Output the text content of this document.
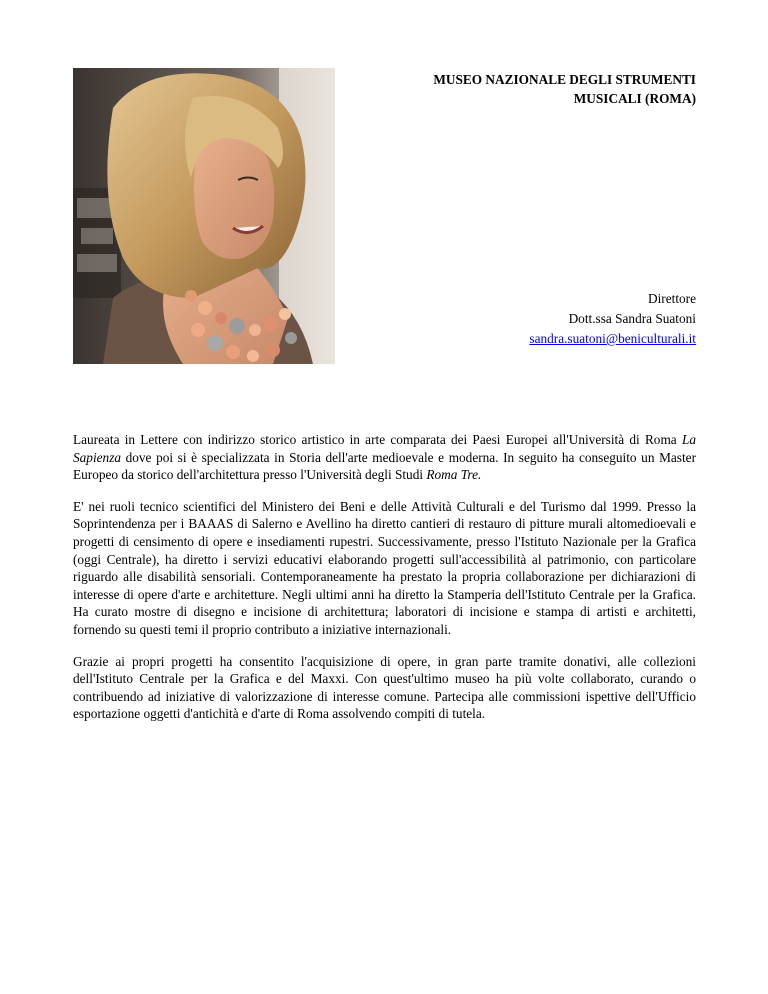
MUSEO NAZIONALE DEGLI STRUMENTI
MUSICALI (ROMA)
Direttore
Dott.ssa Sandra Suatoni
sandra.suatoni@beniculturali.it

Laureata in Lettere con indirizzo storico artistico in arte comparata dei Paesi Europei all'Università di Roma La Sapienza dove poi si è specializzata in Storia dell'arte medioevale e moderna. In seguito ha conseguito un Master Europeo da storico dell'architettura presso l'Università degli Studi Roma Tre.

E' nei ruoli tecnico scientifici del Ministero dei Beni e delle Attività Culturali e del Turismo dal 1999. Presso la Soprintendenza per i BAAAS di Salerno e Avellino ha diretto cantieri di restauro di pitture murali altomedioevali e progetti di censimento di opere e insediamenti rupestri. Successivamente, presso l'Istituto Nazionale per la Grafica (oggi Centrale), ha diretto i servizi educativi elaborando progetti sull'accessibilità al patrimonio, con particolare riguardo alle disabilità sensoriali. Contemporaneamente ha prestato la propria collaborazione per dichiarazioni di interesse di opere d'arte e architetture. Negli ultimi anni ha diretto la Stamperia dell'Istituto Centrale per la Grafica. Ha curato mostre di disegno e incisione di architettura; laboratori di incisione e stampa di artisti e architetti, fornendo su questi temi il proprio contributo a iniziative internazionali.

Grazie ai propri progetti ha consentito l'acquisizione di opere, in gran parte tramite donativi, alle collezioni dell'Istituto Centrale per la Grafica e del Maxxi. Con quest'ultimo museo ha più volte collaborato, curando o contribuendo ad iniziative di valorizzazione di interesse comune. Partecipa alle commissioni ispettive dell'Ufficio esportazione oggetti d'antichità e d'arte di Roma assolvendo compiti di tutela.
